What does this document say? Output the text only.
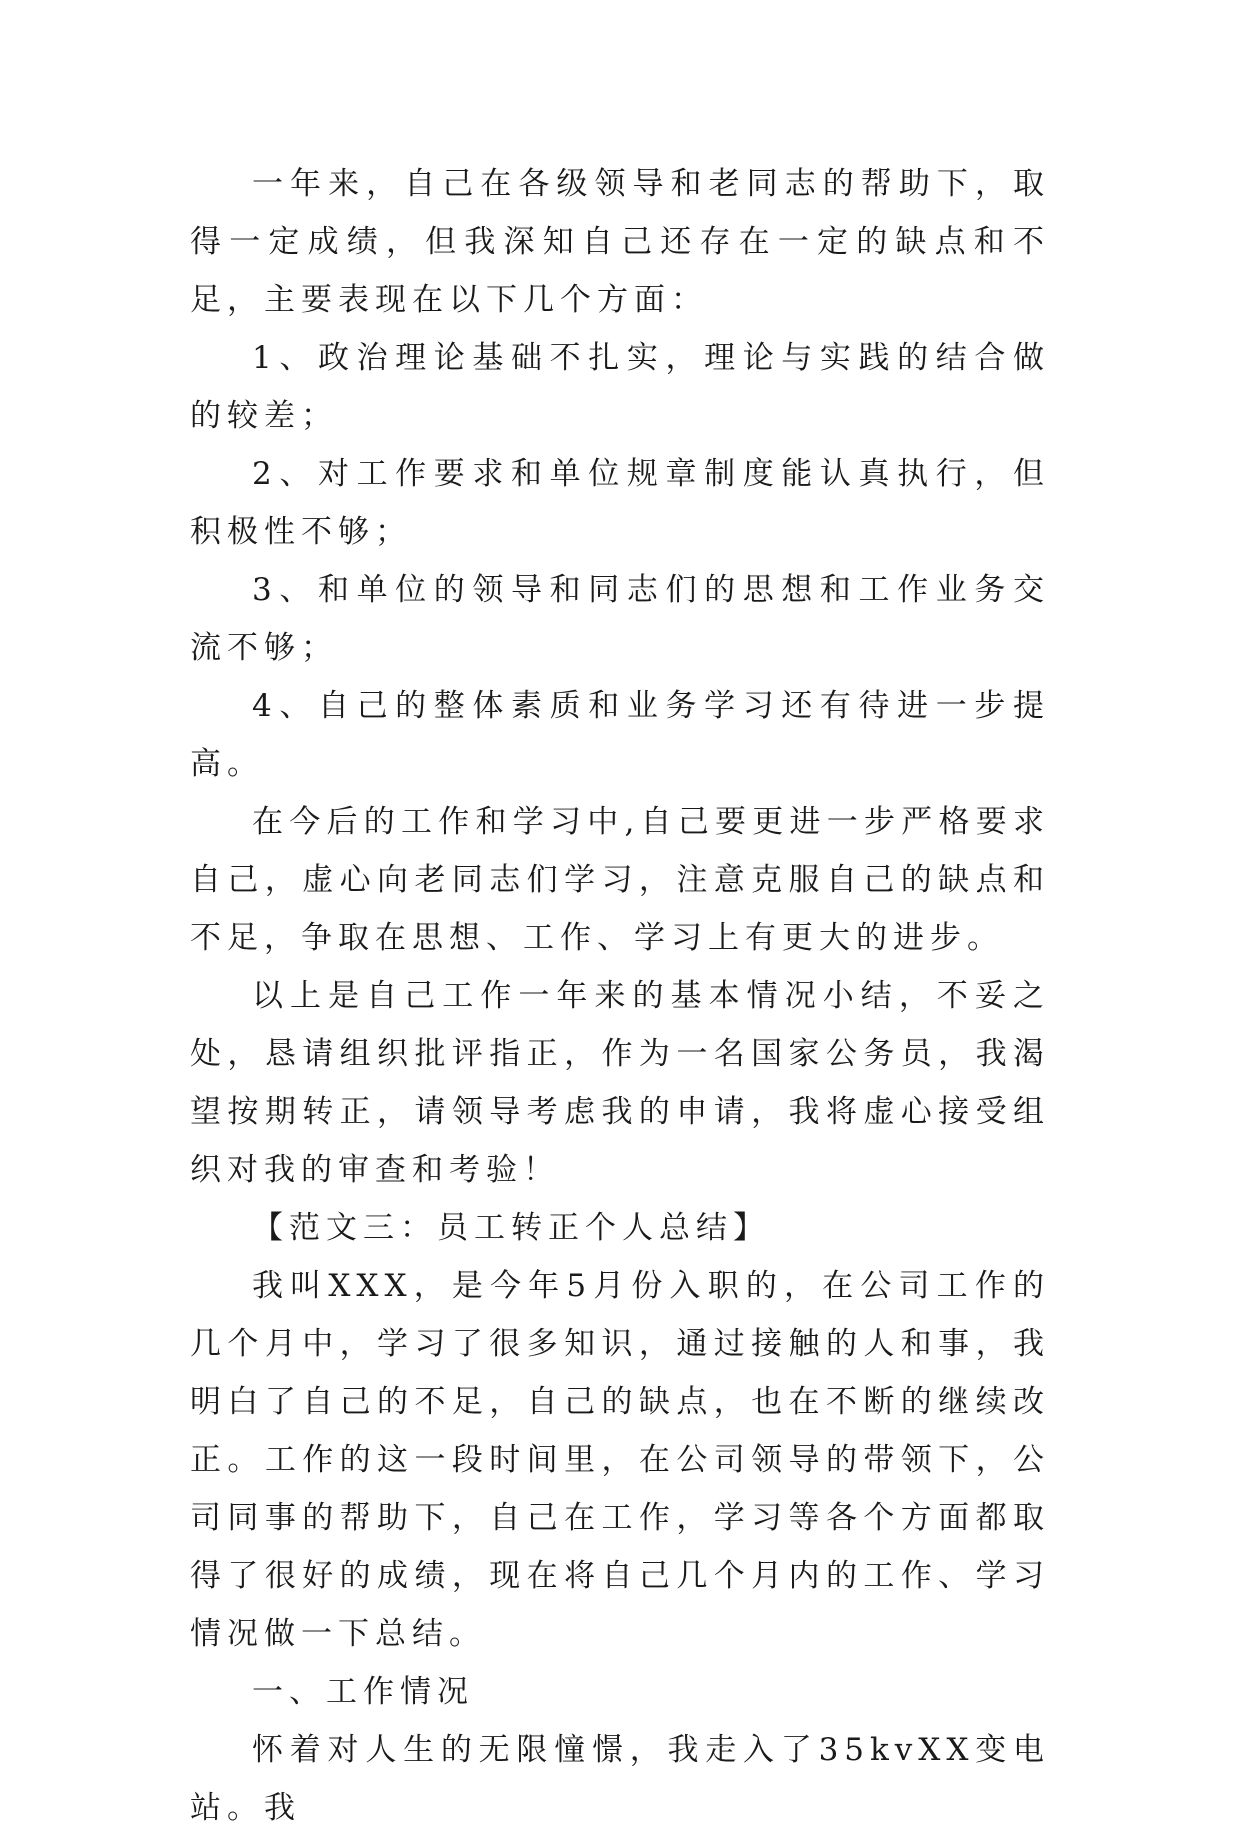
一年来，自己在各级领导和老同志的帮助下，取得一定成绩，但我深知自己还存在一定的缺点和不足，主要表现在以下几个方面：

1、政治理论基础不扎实，理论与实践的结合做的较差；

2、对工作要求和单位规章制度能认真执行，但积极性不够；

3、和单位的领导和同志们的思想和工作业务交流不够；

4、自己的整体素质和业务学习还有待进一步提高。

在今后的工作和学习中,自己要更进一步严格要求自己，虚心向老同志们学习，注意克服自己的缺点和不足，争取在思想、工作、学习上有更大的进步。

以上是自己工作一年来的基本情况小结，不妥之处，恳请组织批评指正，作为一名国家公务员，我渴望按期转正，请领导考虑我的申请，我将虚心接受组织对我的审查和考验！

【范文三：员工转正个人总结】

我叫XXX，是今年5月份入职的，在公司工作的几个月中，学习了很多知识，通过接触的人和事，我明白了自己的不足，自己的缺点，也在不断的继续改正。工作的这一段时间里，在公司领导的带领下，公司同事的帮助下，自己在工作，学习等各个方面都取得了很好的成绩，现在将自己几个月内的工作、学习情况做一下总结。

一、工作情况

怀着对人生的无限憧憬，我走入了35kvXX变电站。我
